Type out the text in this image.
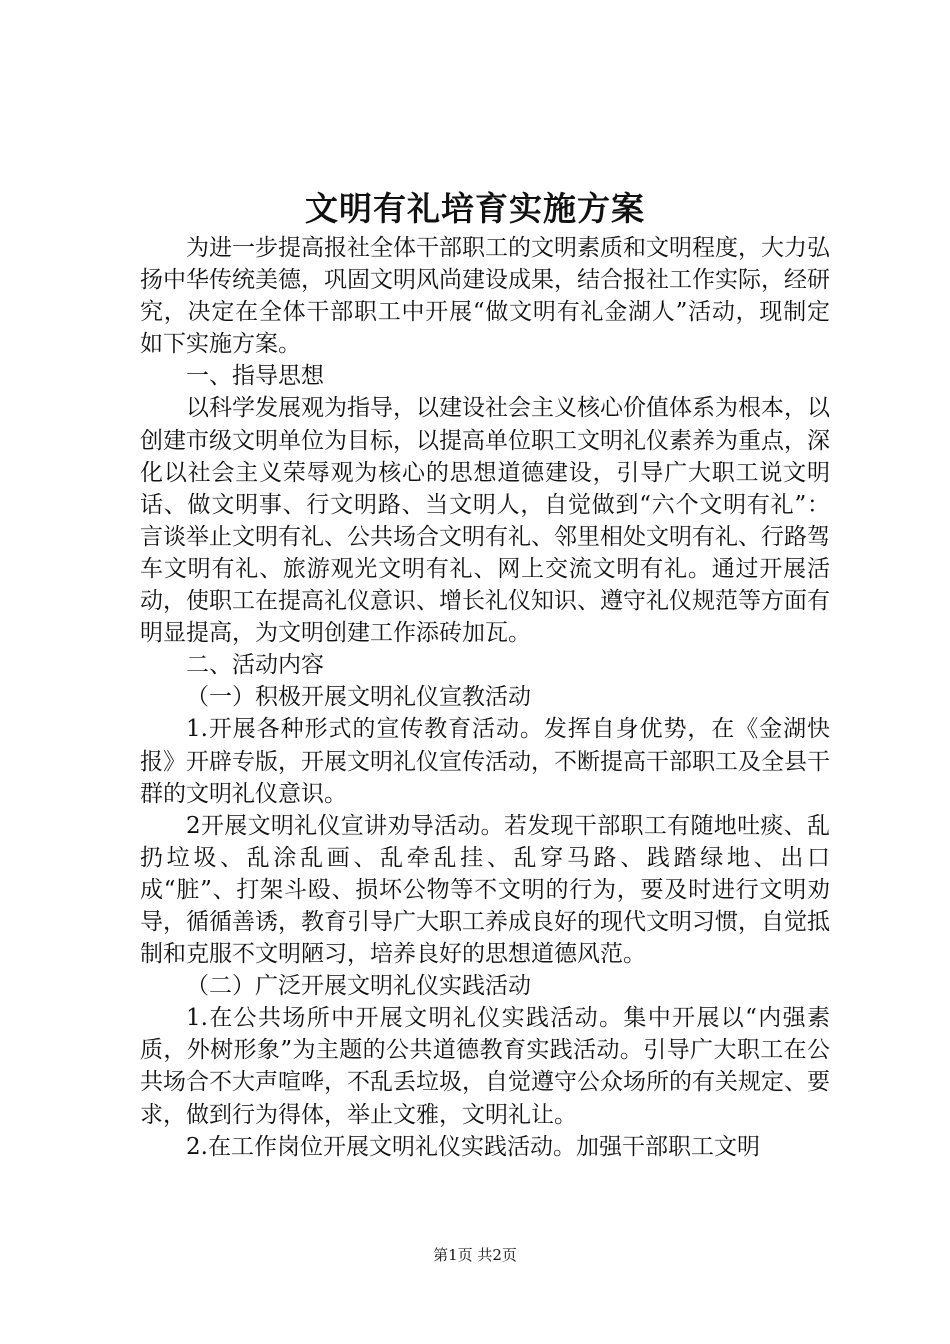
文明有礼培育实施方案

为进一步提高报社全体干部职工的文明素质和文明程度，大力弘扬中华传统美德，巩固文明风尚建设成果，结合报社工作实际，经研究，决定在全体干部职工中开展“做文明有礼金湖人”活动，现制定如下实施方案。

一、指导思想

以科学发展观为指导，以建设社会主义核心价值体系为根本，以创建市级文明单位为目标，以提高单位职工文明礼仪素养为重点，深化以社会主义荣辱观为核心的思想道德建设，引导广大职工说文明话、做文明事、行文明路、当文明人，自觉做到“六个文明有礼”：言谈举止文明有礼、公共场合文明有礼、邻里相处文明有礼、行路驾车文明有礼、旅游观光文明有礼、网上交流文明有礼。通过开展活动，使职工在提高礼仪意识、增长礼仪知识、遵守礼仪规范等方面有明显提高，为文明创建工作添砖加瓦。

二、活动内容

（一）积极开展文明礼仪宣教活动

1.开展各种形式的宣传教育活动。发挥自身优势，在《金湖快报》开辟专版，开展文明礼仪宣传活动，不断提高干部职工及全县干群的文明礼仪意识。

2开展文明礼仪宣讲劝导活动。若发现干部职工有随地吐痰、乱扔垃圾、乱涂乱画、乱牵乱挂、乱穿马路、践踏绿地、出口成“脏”、打架斗殴、损坏公物等不文明的行为，要及时进行文明劝导，循循善诱，教育引导广大职工养成良好的现代文明习惯，自觉抵制和克服不文明陋习，培养良好的思想道德风范。

（二）广泛开展文明礼仪实践活动

1.在公共场所中开展文明礼仪实践活动。集中开展以“内强素质，外树形象”为主题的公共道德教育实践活动。引导广大职工在公共场合不大声喧哗，不乱丢垃圾，自觉遵守公众场所的有关规定、要求，做到行为得体，举止文雅，文明礼让。

2.在工作岗位开展文明礼仪实践活动。加强干部职工文明

第1页 共2页
